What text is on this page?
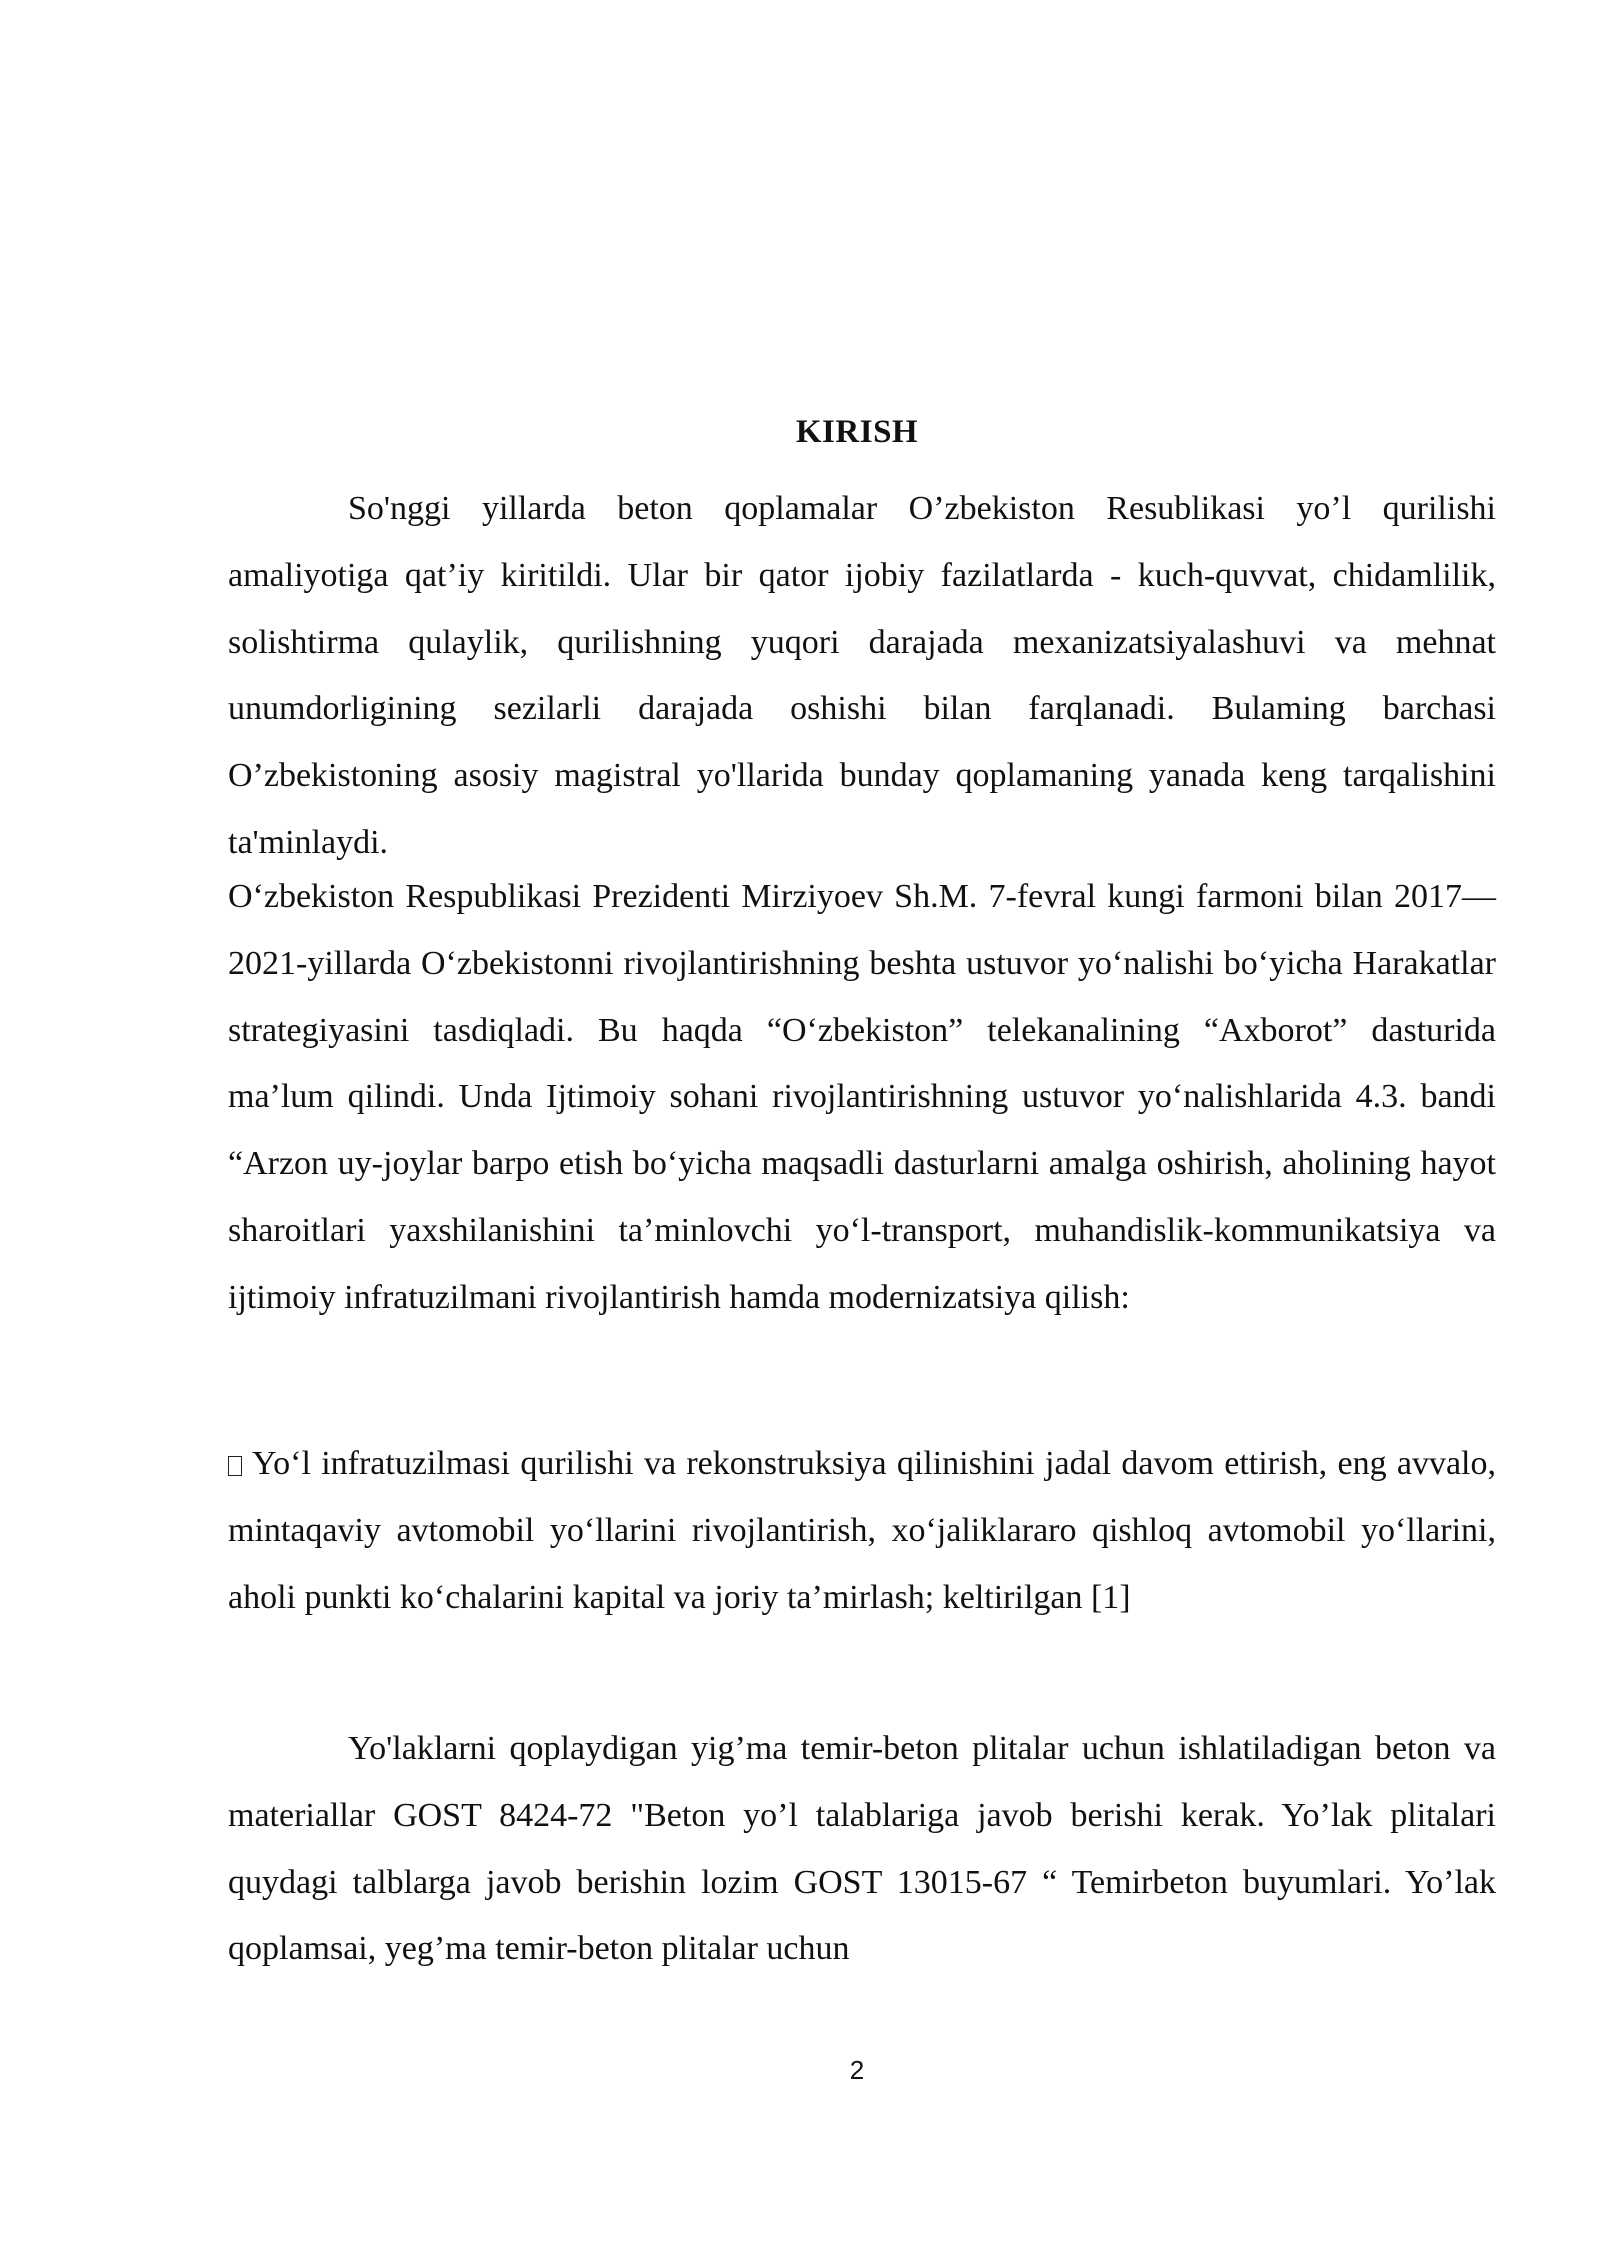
KIRISH
So'nggi yillarda beton qoplamalar O’zbekiston Resublikasi yo’l qurilishi amaliyotiga qat’iy kiritildi. Ular bir qator ijobiy fazilatlarda - kuch-quvvat, chidamlilik, solishtirma qulaylik, qurilishning yuqori darajada mexanizatsiyalashuvi va mehnat unumdorligining sezilarli darajada oshishi bilan farqlanadi. Bulaming barchasi O’zbekistoning asosiy magistral yo'llarida bunday qoplamaning yanada keng tarqalishini ta'minlaydi.
O‘zbekiston Respublikasi Prezidenti Mirziyoev Sh.M. 7-fevral kungi farmoni bilan 2017—2021-yillarda O‘zbekistonni rivojlantirishning beshta ustuvor yo‘nalishi bo‘yicha Harakatlar strategiyasini tasdiqladi. Bu haqda “O‘zbekiston” telekanalining “Axborot” dasturida ma’lum qilindi. Unda Ijtimoiy sohani rivojlantirishning ustuvor yo‘nalishlarida 4.3. bandi “Arzon uy-joylar barpo etish bo‘yicha maqsadli dasturlarni amalga oshirish, aholining hayot sharoitlari yaxshilanishini ta’minlovchi yo‘l-transport, muhandislik-kommunikatsiya va ijtimoiy infratuzilmani rivojlantirish hamda modernizatsiya qilish:
Yo‘l infratuzilmasi qurilishi va rekonstruksiya qilinishini jadal davom ettirish, eng avvalo, mintaqaviy avtomobil yo‘llarini rivojlantirish, xo‘jaliklararo qishloq avtomobil yo‘llarini, aholi punkti ko‘chalarini kapital va joriy ta’mirlash; keltirilgan [1]
Yo'laklarni qoplaydigan yig’ma temir-beton plitalar uchun ishlatiladigan beton va materiallar GOST 8424-72 "Beton yo’l talablariga javob berishi kerak. Yo’lak plitalari quydagi talblarga javob berishin lozim GOST 13015-67 “ Temirbeton buyumlari. Yo’lak qoplamsai, yeg’ma temir-beton plitalar uchun
2
